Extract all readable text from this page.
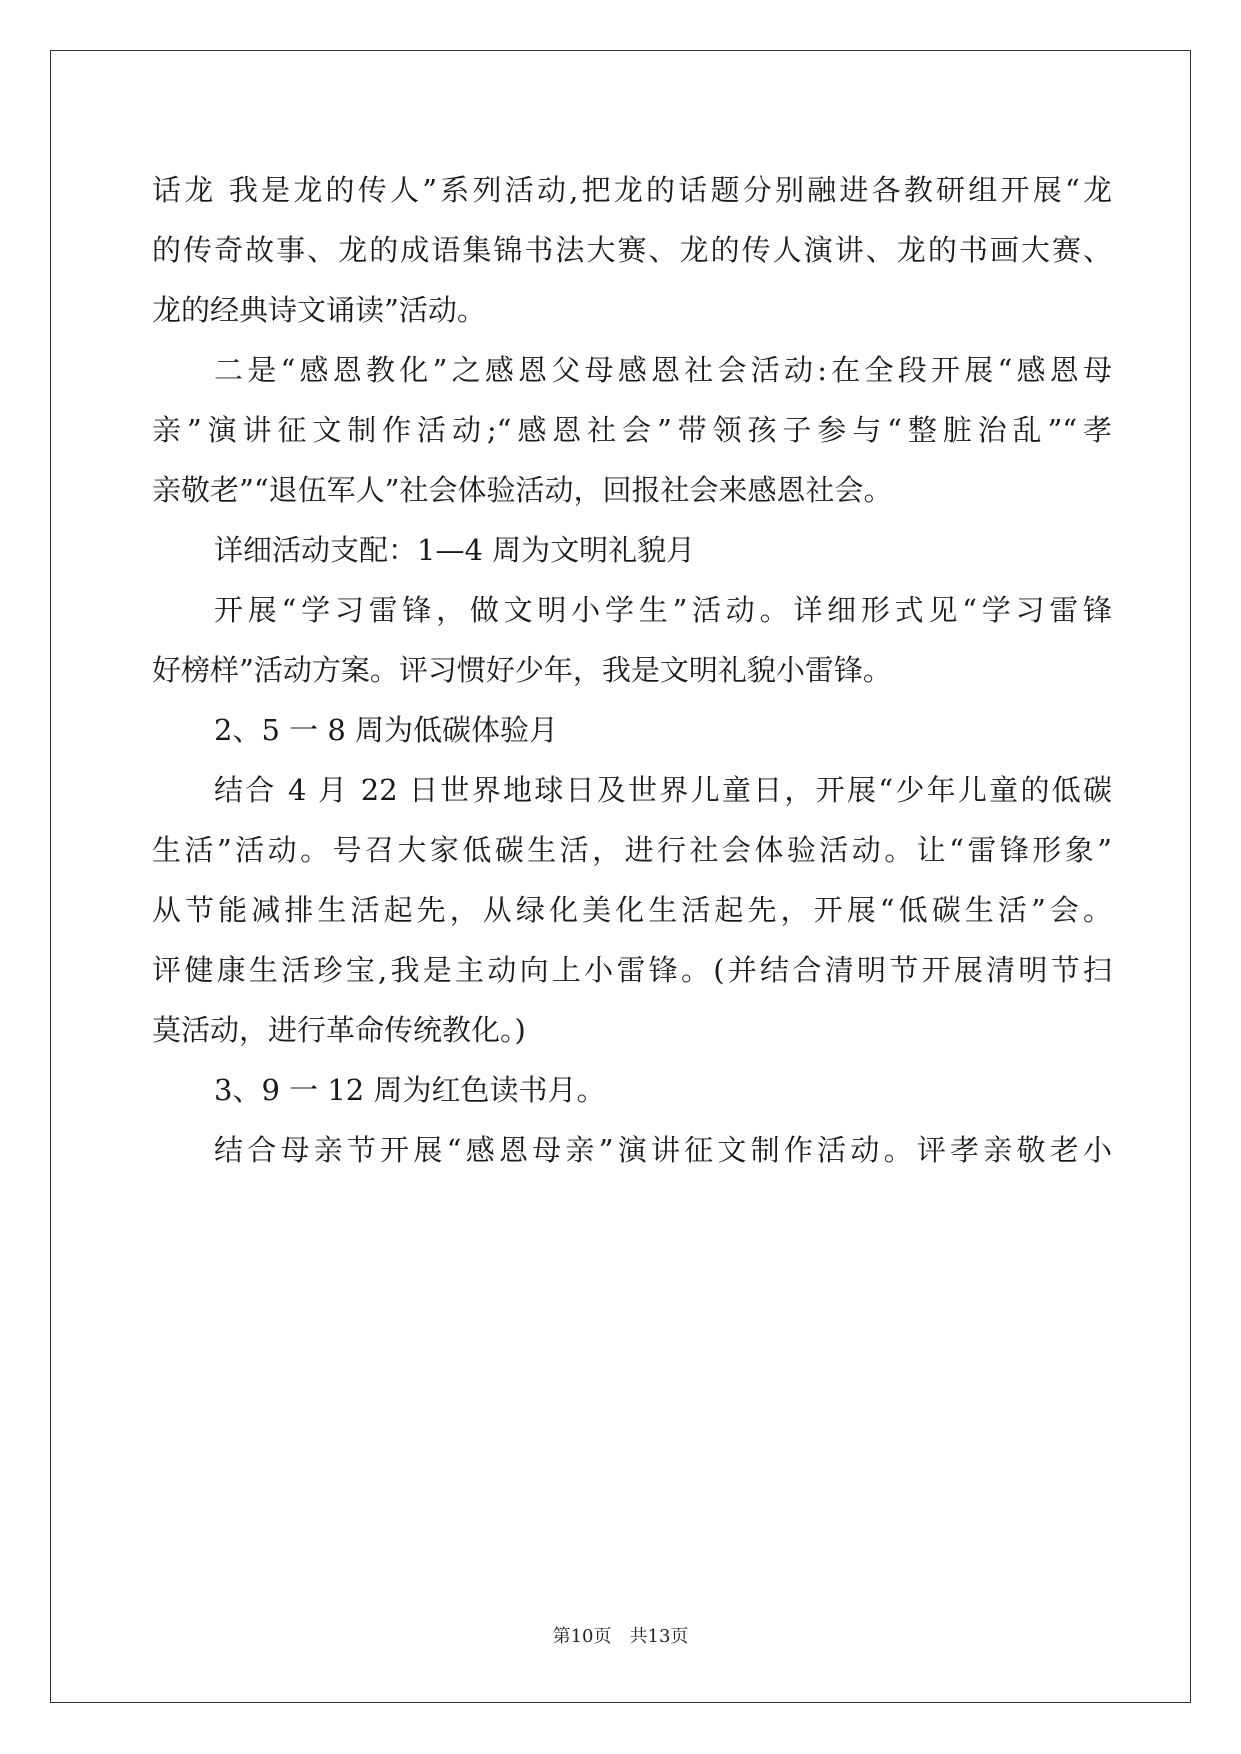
话龙 我是龙的传人”系列活动,把龙的话题分别融进各教研组开展“龙
的传奇故事、龙的成语集锦书法大赛、龙的传人演讲、龙的书画大赛、
龙的经典诗文诵读”活动。
二是“感恩教化”之感恩父母感恩社会活动:在全段开展“感恩母
亲”演讲征文制作活动;“感恩社会”带领孩子参与“整脏治乱”“孝
亲敬老”“退伍军人”社会体验活动，回报社会来感恩社会。
详细活动支配：1—4 周为文明礼貌月
开展“学习雷锋，做文明小学生”活动。详细形式见“学习雷锋
好榜样”活动方案。评习惯好少年，我是文明礼貌小雷锋。
2、5 一 8 周为低碳体验月
结合 4 月 22 日世界地球日及世界儿童日，开展“少年儿童的低碳
生活”活动。号召大家低碳生活，进行社会体验活动。让“雷锋形象”
从节能减排生活起先，从绿化美化生活起先，开展“低碳生活”会。
评健康生活珍宝,我是主动向上小雷锋。(并结合清明节开展清明节扫
莫活动，进行革命传统教化。)
3、9 一 12 周为红色读书月。
结合母亲节开展“感恩母亲”演讲征文制作活动。评孝亲敬老小
第10页　共13页
